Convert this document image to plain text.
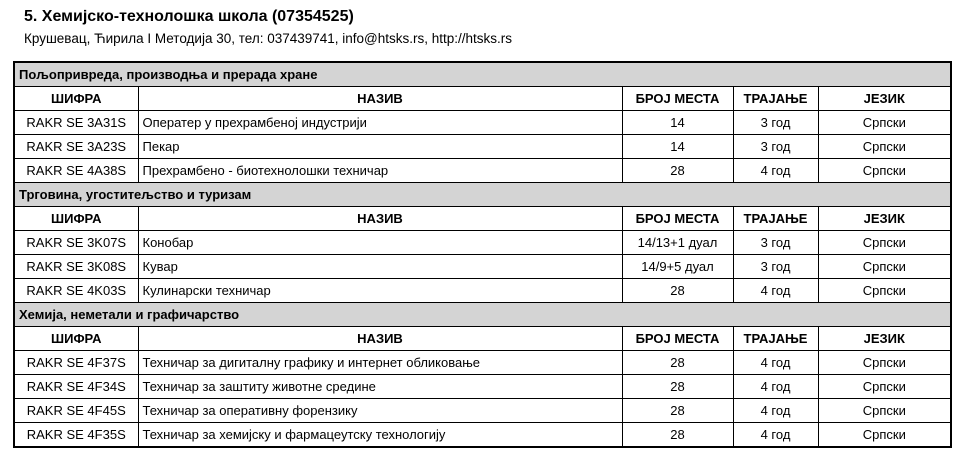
5. Хемијско-технолошка школа (07354525)
Крушевац, Ћирила I Методија 30, тел: 037439741, info@htsks.rs, http://htsks.rs
Пољопривреда, производња и прерада хране				
ШИФРА	НАЗИВ	БРОЈ МЕСТА	ТРАЈАЊЕ	ЈЕЗИК
RAKR SE 3A31S	Оператер у прехрамбеној индустрији	14	3 год	Српски
RAKR SE 3A23S	Пекар	14	3 год	Српски
RAKR SE 4A38S	Прехрамбено - биотехнолошки техничар	28	4 год	Српски
Трговина, угоститељство и туризам				
ШИФРА	НАЗИВ	БРОЈ МЕСТА	ТРАЈАЊЕ	ЈЕЗИК
RAKR SE 3K07S	Конобар	14/13+1 дуал	3 год	Српски
RAKR SE 3K08S	Кувар	14/9+5 дуал	3 год	Српски
RAKR SE 4K03S	Кулинарски техничар	28	4 год	Српски
Хемија, неметали и графичарство				
ШИФРА	НАЗИВ	БРОЈ МЕСТА	ТРАЈАЊЕ	ЈЕЗИК
RAKR SE 4F37S	Техничар за дигиталну графику и интернет обликовање	28	4 год	Српски
RAKR SE 4F34S	Техничар за заштиту животне средине	28	4 год	Српски
RAKR SE 4F45S	Техничар за оперативну форензику	28	4 год	Српски
RAKR SE 4F35S	Техничар за хемијску и фармацеутску технологију	28	4 год	Српски
